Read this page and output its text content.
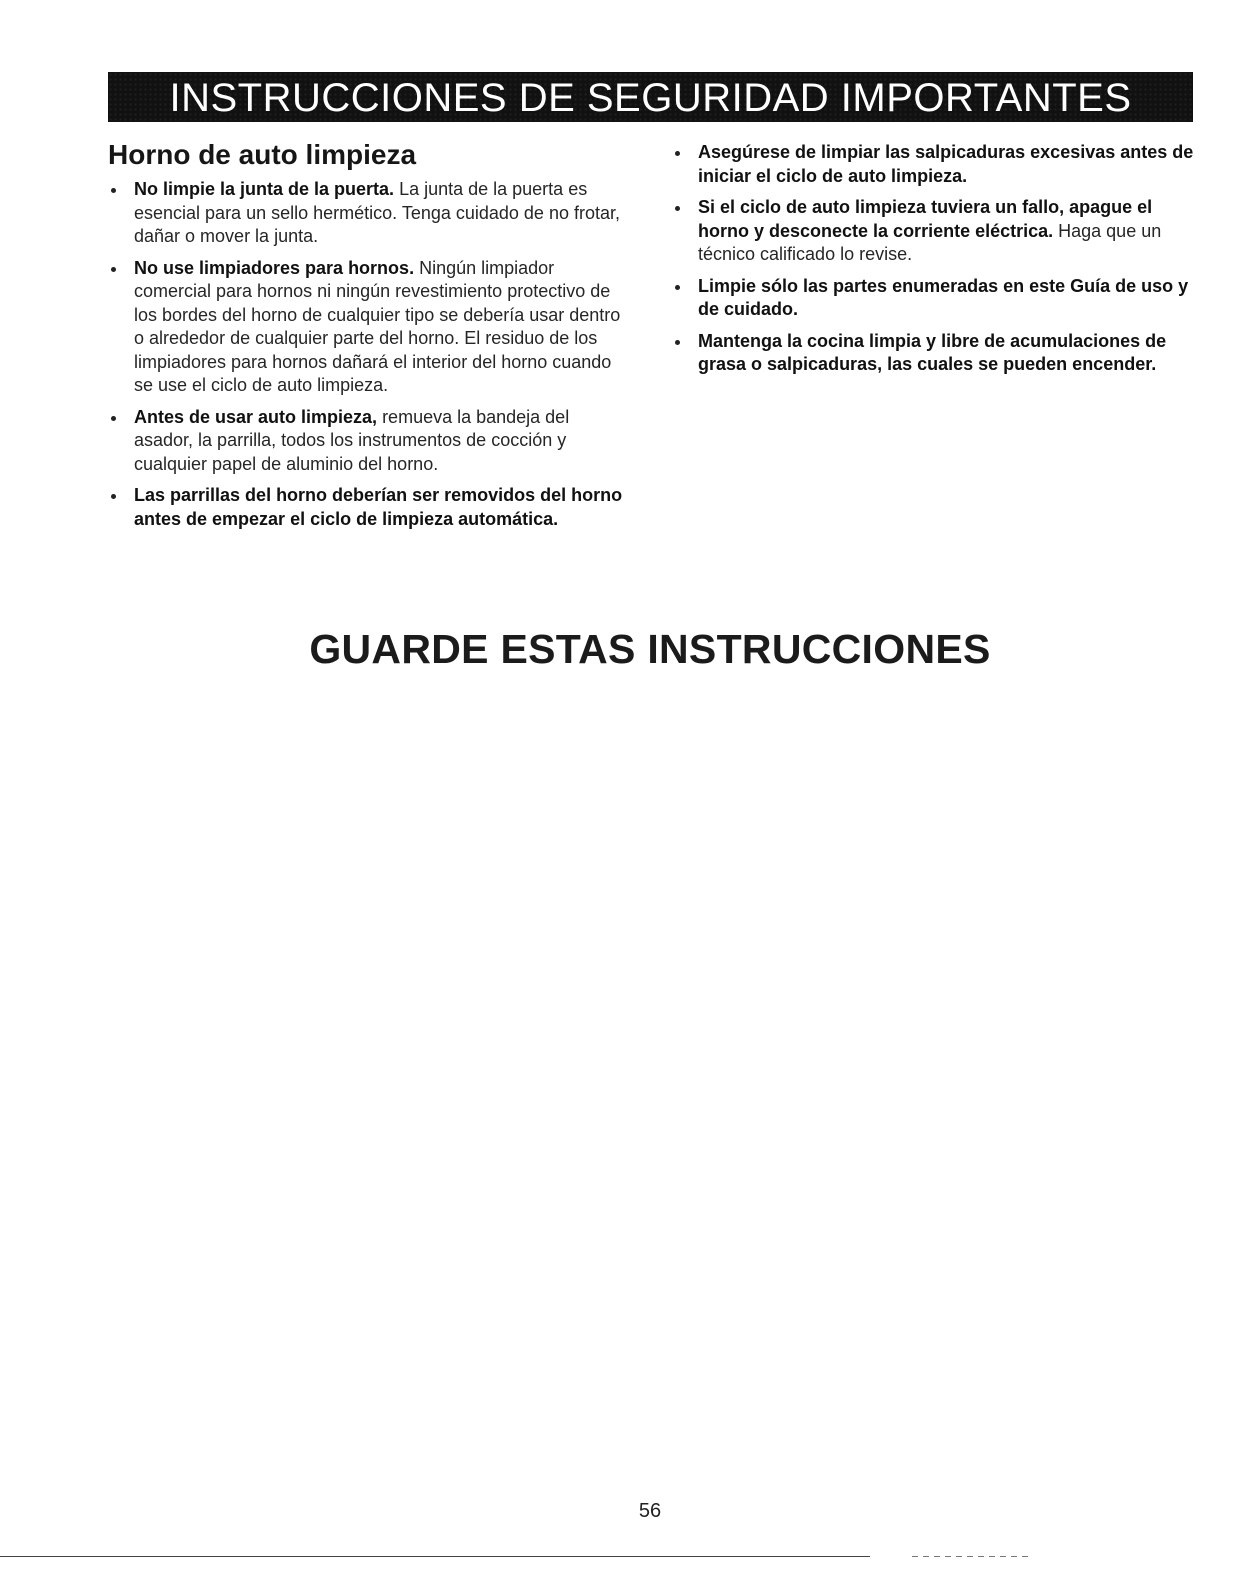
INSTRUCCIONES DE SEGURIDAD IMPORTANTES
Horno de auto limpieza
No limpie la junta de la puerta. La junta de la puerta es esencial para un sello hermético. Tenga cuidado de no frotar, dañar o mover la junta.
No use limpiadores para hornos. Ningún limpiador comercial para hornos ni ningún revestimiento protectivo de los bordes del horno de cualquier tipo se debería usar dentro o alrededor de cualquier parte del horno. El residuo de los limpiadores para hornos dañará el interior del horno cuando se use el ciclo de auto limpieza.
Antes de usar auto limpieza, remueva la bandeja del asador, la parrilla, todos los instrumentos de cocción y cualquier papel de aluminio del horno.
Las parrillas del horno deberían ser removidos del horno antes de empezar el ciclo de limpieza automática.
Asegúrese de limpiar las salpicaduras excesivas antes de iniciar el ciclo de auto limpieza.
Si el ciclo de auto limpieza tuviera un fallo, apague el horno y desconecte la corriente eléctrica. Haga que un técnico calificado lo revise.
Limpie sólo las partes enumeradas en este Guía de uso y de cuidado.
Mantenga la cocina limpia y libre de acumulaciones de grasa o salpicaduras, las cuales se pueden encender.
GUARDE ESTAS INSTRUCCIONES
56
